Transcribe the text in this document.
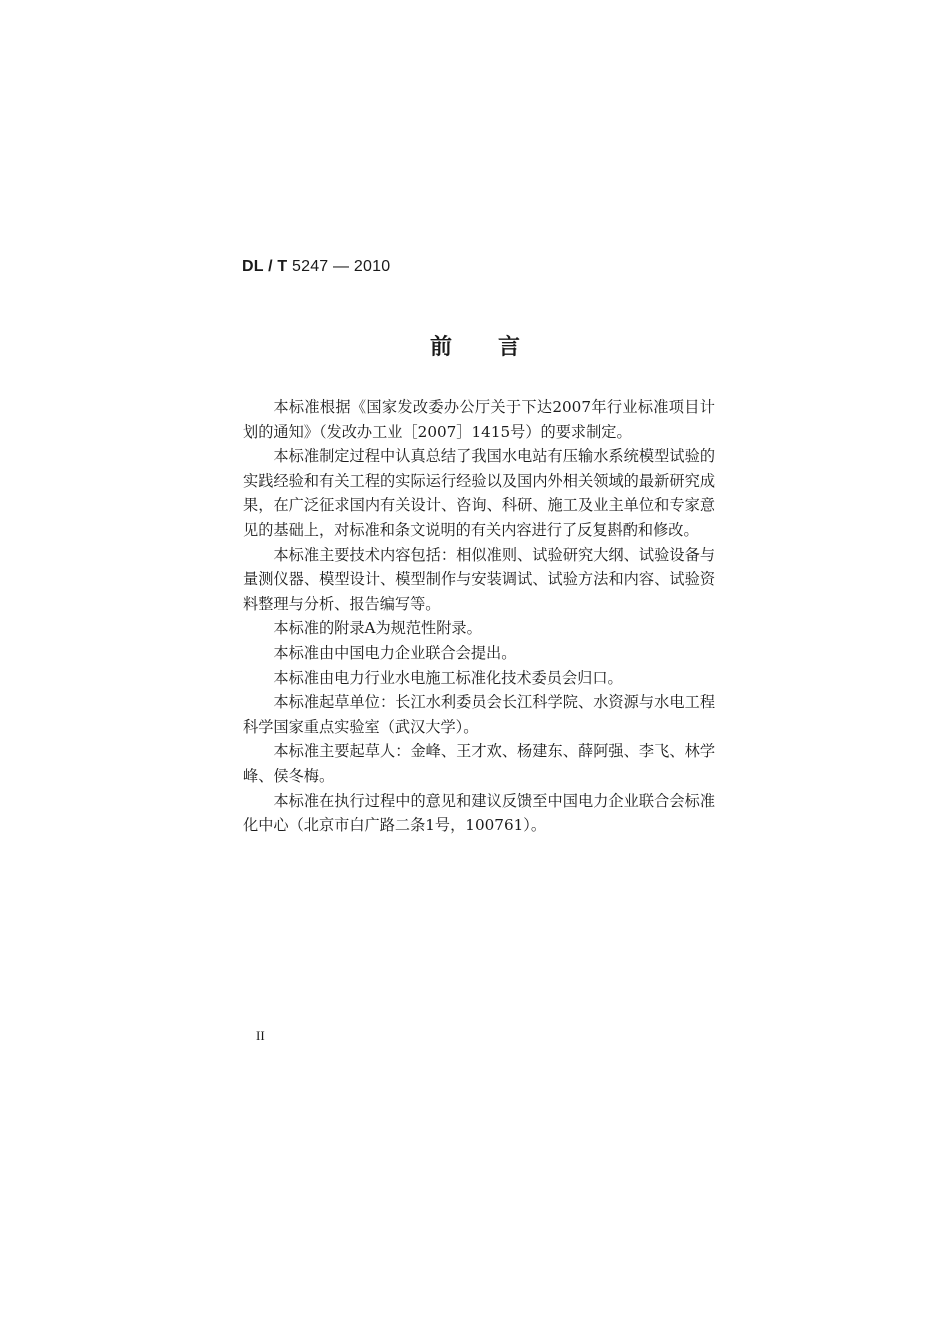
DL / T 5247 — 2010
前言

本标准根据《国家发改委办公厅关于下达2007年行业标准项目计划的通知》（发改办工业［2007］1415号）的要求制定。

本标准制定过程中认真总结了我国水电站有压输水系统模型试验的实践经验和有关工程的实际运行经验以及国内外相关领域的最新研究成果，在广泛征求国内有关设计、咨询、科研、施工及业主单位和专家意见的基础上，对标准和条文说明的有关内容进行了反复斟酌和修改。

本标准主要技术内容包括：相似准则、试验研究大纲、试验设备与量测仪器、模型设计、模型制作与安装调试、试验方法和内容、试验资料整理与分析、报告编写等。

本标准的附录A为规范性附录。

本标准由中国电力企业联合会提出。

本标准由电力行业水电施工标准化技术委员会归口。

本标准起草单位：长江水利委员会长江科学院、水资源与水电工程科学国家重点实验室（武汉大学）。

本标准主要起草人：金峰、王才欢、杨建东、薛阿强、李飞、林学峰、侯冬梅。

本标准在执行过程中的意见和建议反馈至中国电力企业联合会标准化中心（北京市白广路二条1号，100761）。

II
